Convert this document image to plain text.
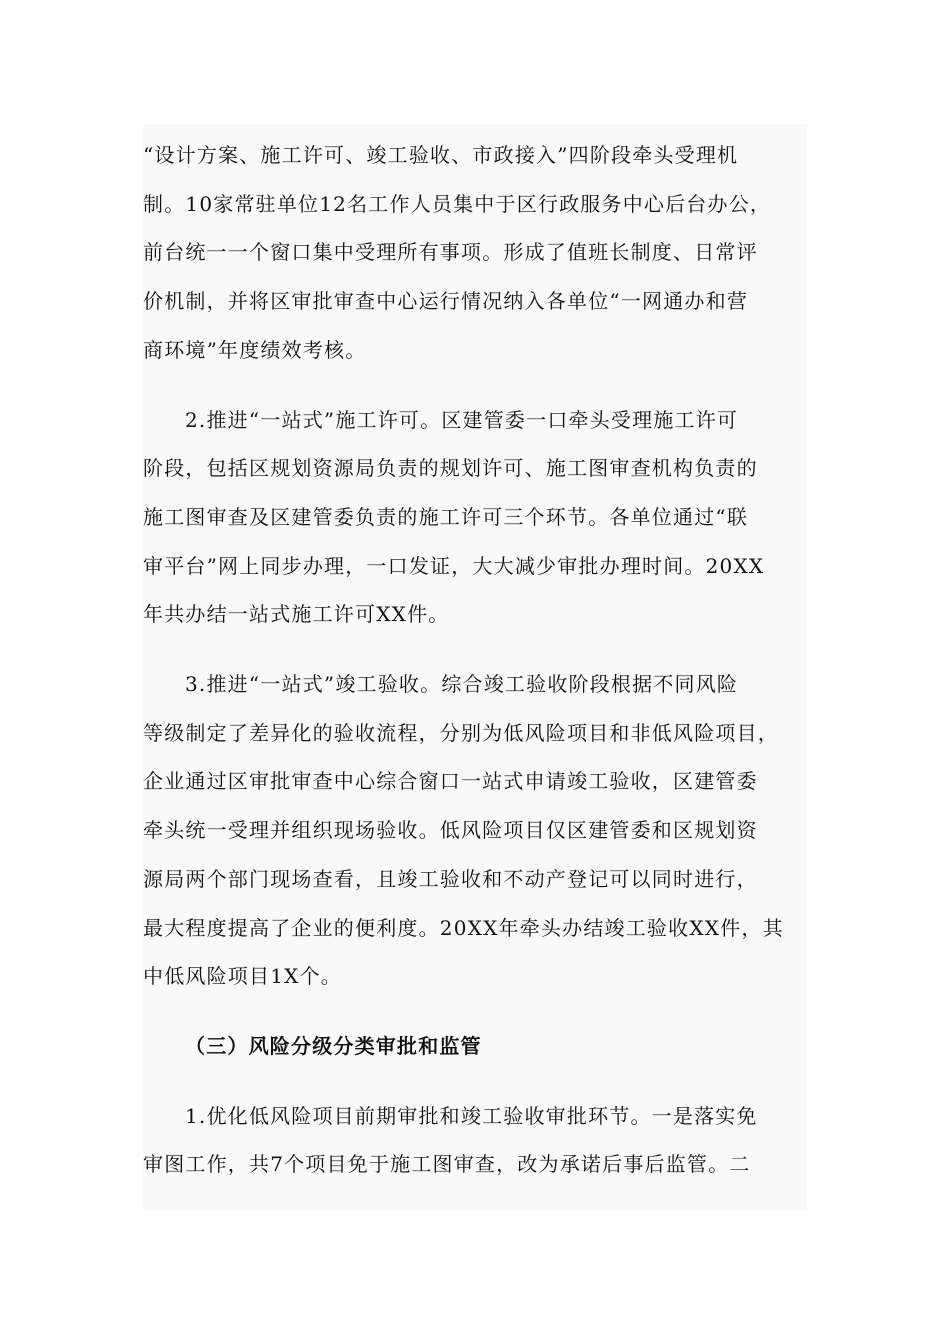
“设计方案、施工许可、竣工验收、市政接入”四阶段牵头受理机
制。10家常驻单位12名工作人员集中于区行政服务中心后台办公，
前台统一一个窗口集中受理所有事项。形成了值班长制度、日常评
价机制，并将区审批审查中心运行情况纳入各单位“一网通办和营
商环境”年度绩效考核。

2.推进“一站式”施工许可。区建管委一口牵头受理施工许可
阶段，包括区规划资源局负责的规划许可、施工图审查机构负责的
施工图审查及区建管委负责的施工许可三个环节。各单位通过“联
审平台”网上同步办理，一口发证，大大减少审批办理时间。20XX
年共办结一站式施工许可XX件。

3.推进“一站式”竣工验收。综合竣工验收阶段根据不同风险
等级制定了差异化的验收流程，分别为低风险项目和非低风险项目，
企业通过区审批审查中心综合窗口一站式申请竣工验收，区建管委
牵头统一受理并组织现场验收。低风险项目仅区建管委和区规划资
源局两个部门现场查看，且竣工验收和不动产登记可以同时进行，
最大程度提高了企业的便利度。20XX年牵头办结竣工验收XX件，其
中低风险项目1X个。

（三）风险分级分类审批和监管

1.优化低风险项目前期审批和竣工验收审批环节。一是落实免
审图工作，共7个项目免于施工图审查，改为承诺后事后监管。二
